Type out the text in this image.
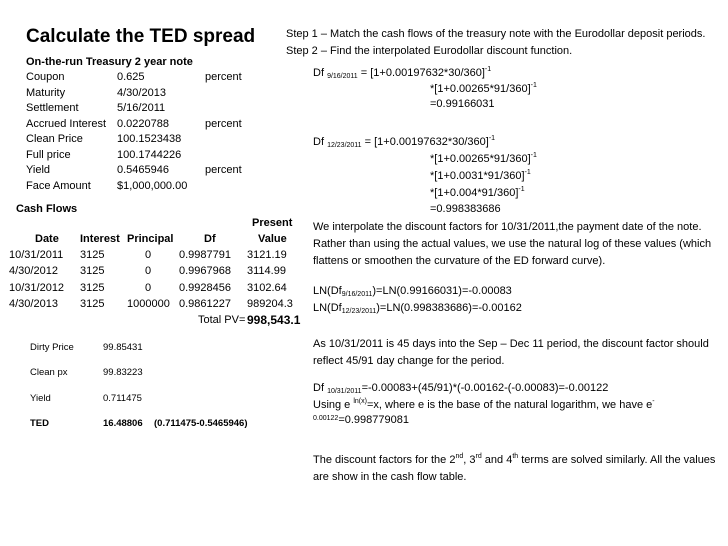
Calculate the TED spread
On-the-run Treasury 2 year note
Coupon	0.625	percent
Maturity	4/30/2013
Settlement	5/16/2011
Accrued Interest 0.0220788	percent
Clean Price	100.1523438
Full price	100.1744226
Yield	0.5465946	percent
Face Amount $1,000,000.00
Cash Flows
Present
Date Interest Principal	Df	Value
10/31/2011 3125	0	0.9987791 3121.19
4/30/2012 3125	0	0.9967968 3114.99
10/31/2012 3125	0	0.9928456 3102.64
4/30/2013 3125 1000000 0.9861227 989204.3
Total PV= 998,543.1
Dirty Price	99.85431
Clean px	99.83223
Yield	0.711475
TED	16.48806 (0.711475-0.5465946)
Step 1 – Match the cash flows of the treasury note with the Eurodollar deposit periods.
Step 2 – Find the interpolated Eurodollar discount function.
Df $_{9/16/2011} = [1+0.00197632*30/360]^{-1}$
$*[1+0.00265*91/360]^{-1}$
=0.99166031
Df $_{12/23/2011} = [1+0.00197632*30/360]^{-1}$
$*[1+0.00265*91/360]^{-1}$
$*[1+0.0031*91/360]^{-1}$
$*[1+0.004*91/360]^{-1}$
=0.998383686
We interpolate the discount factors for 10/31/2011,the payment date of the note. Rather than using the actual values, we use the natural log of these values (which flattens or smoothen the curvature of the ED forward curve).
$LN(Df_{9/16/2011})=LN(0.99166031)=-0.00083$
$LN(Df_{12/23/2011})=LN(0.998383686)=-0.00162$
As 10/31/2011 is 45 days into the Sep – Dec 11 period, the discount factor should reflect 45/91 day change for the period.
Df $_{10/31/2011}$=-0.00083+(45/91)*(-0.00162-(-0.00083)=-0.00122
Using e $^{ln(x)}$=x, where e is the base of the natural logarithm, we have e-
$^{0.00122}$=0.998779081
The discount factors for the 2nd, 3rd and 4th terms are solved similarly. All the values are show in the cash flow table.
